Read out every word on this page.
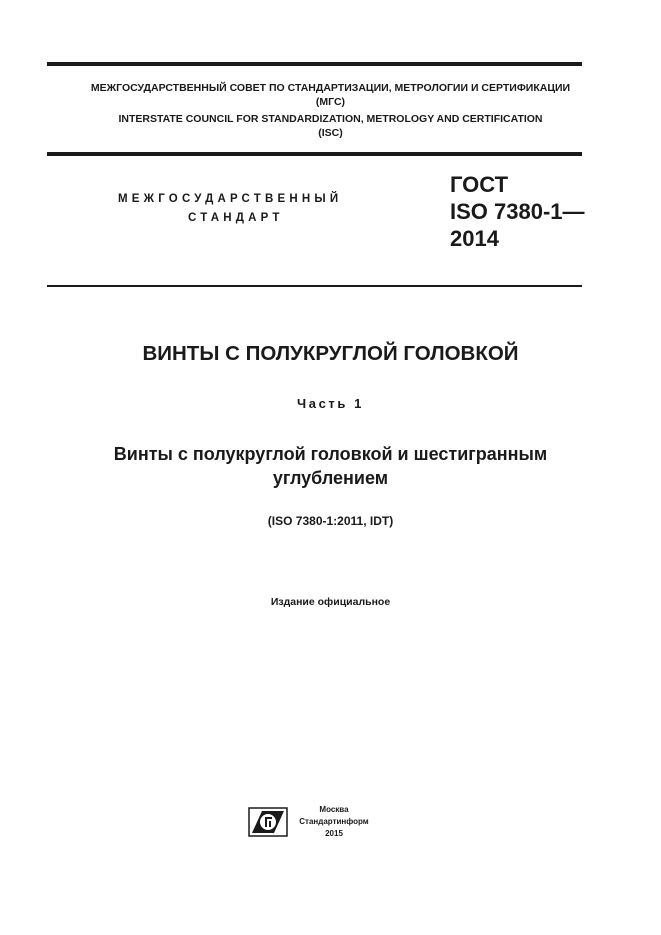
МЕЖГОСУДАРСТВЕННЫЙ СОВЕТ ПО СТАНДАРТИЗАЦИИ, МЕТРОЛОГИИ И СЕРТИФИКАЦИИ
(МГС)
INTERSTATE COUNCIL FOR STANDARDIZATION, METROLOGY AND CERTIFICATION
(ISC)
МЕЖГОСУДАРСТВЕННЫЙ
СТАНДАРТ
ГОСТ
ISO 7380-1—
2014
ВИНТЫ С ПОЛУКРУГЛОЙ ГОЛОВКОЙ
Часть 1
Винты с полукруглой головкой и шестигранным
углублением
(ISO 7380-1:2011, IDT)
Издание официальное
Москва
Стандартинформ
2015
